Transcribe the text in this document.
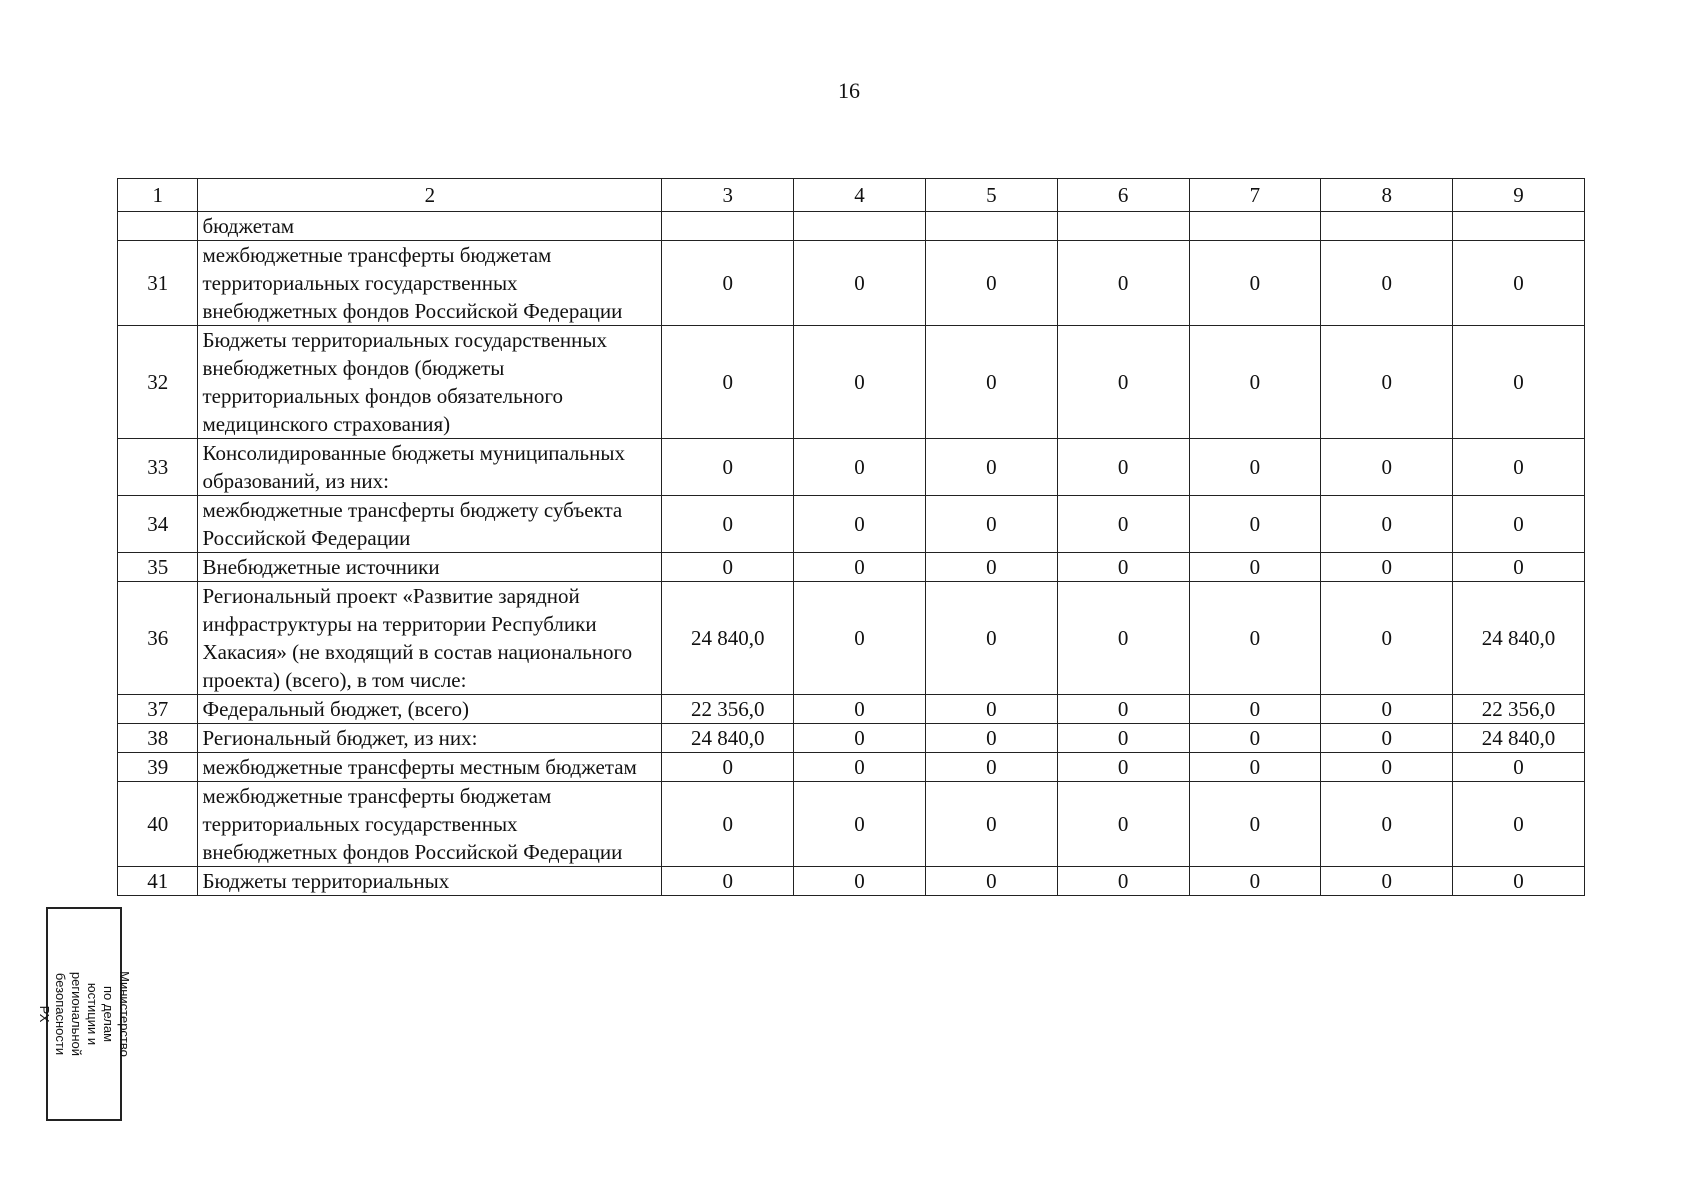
16
1	2	3	4	5	6	7	8	9
	бюджетам							
31	межбюджетные трансферты бюджетам территориальных государственных внебюджетных фондов Российской Федерации	0	0	0	0	0	0	0
32	Бюджеты территориальных государственных внебюджетных фондов (бюджеты территориальных фондов обязательного медицинского страхования)	0	0	0	0	0	0	0
33	Консолидированные бюджеты муниципальных образований, из них:	0	0	0	0	0	0	0
34	межбюджетные трансферты бюджету субъекта Российской Федерации	0	0	0	0	0	0	0
35	Внебюджетные источники	0	0	0	0	0	0	0
36	Региональный проект «Развитие зарядной инфраструктуры на территории Республики Хакасия» (не входящий в состав национального проекта) (всего), в том числе:	24 840,0	0	0	0	0	0	24 840,0
37	Федеральный бюджет, (всего)	22 356,0	0	0	0	0	0	22 356,0
38	Региональный бюджет, из них:	24 840,0	0	0	0	0	0	24 840,0
39	межбюджетные трансферты местным бюджетам	0	0	0	0	0	0	0
40	межбюджетные трансферты бюджетам территориальных государственных внебюджетных фондов Российской Федерации	0	0	0	0	0	0	0
41	Бюджеты территориальных	0	0	0	0	0	0	0
Министерство по делам юстиции и региональной безопасности РХ
